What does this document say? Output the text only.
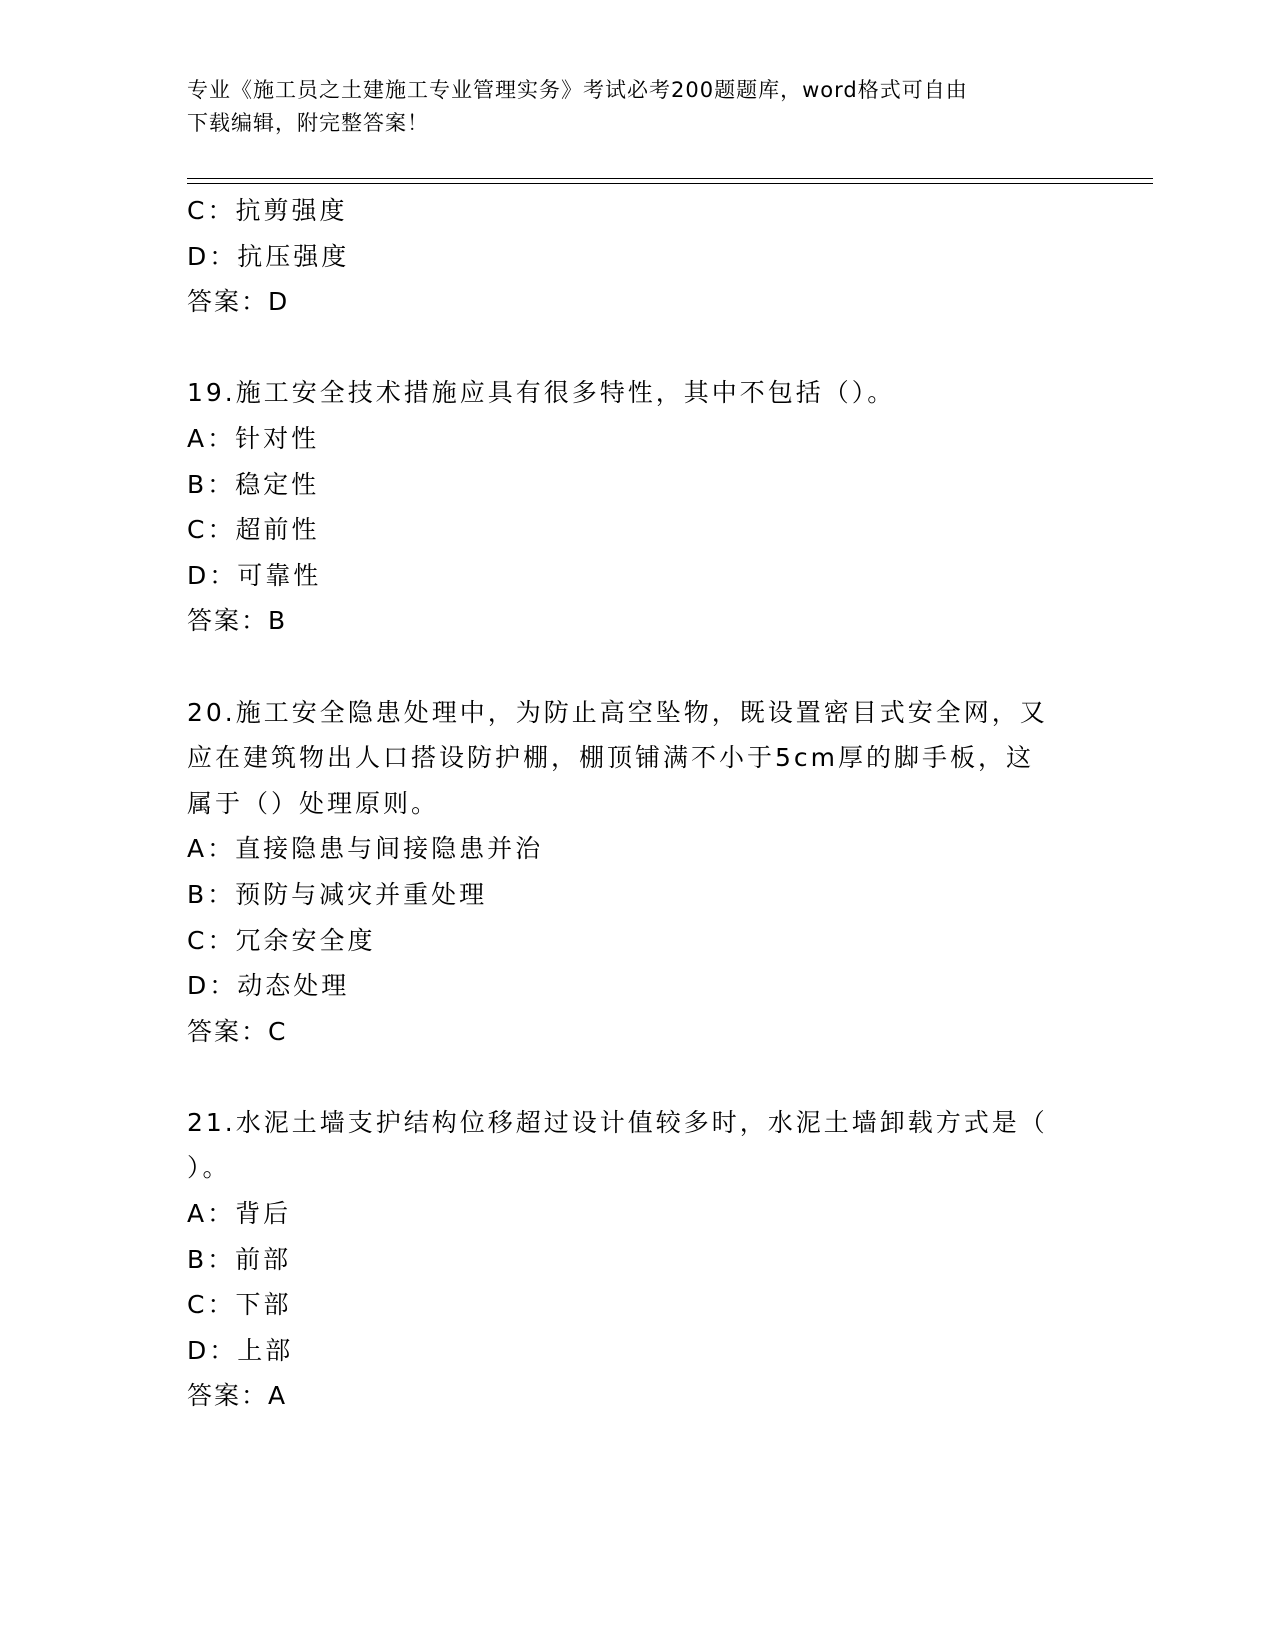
专业《施工员之土建施工专业管理实务》考试必考200题题库，word格式可自由
下载编辑，附完整答案！
C：抗剪强度
D：抗压强度
答案：D
19.施工安全技术措施应具有很多特性，其中不包括（）。
A：针对性
B：稳定性
C：超前性
D：可靠性
答案：B
20.施工安全隐患处理中，为防止高空坠物，既设置密目式安全网，又
应在建筑物出人口搭设防护棚，棚顶铺满不小于5cm厚的脚手板，这
属于（）处理原则。
A：直接隐患与间接隐患并治
B：预防与减灾并重处理
C：冗余安全度
D：动态处理
答案：C
21.水泥土墙支护结构位移超过设计值较多时，水泥土墙卸载方式是（
）。
A：背后
B：前部
C：下部
D：上部
答案：A
